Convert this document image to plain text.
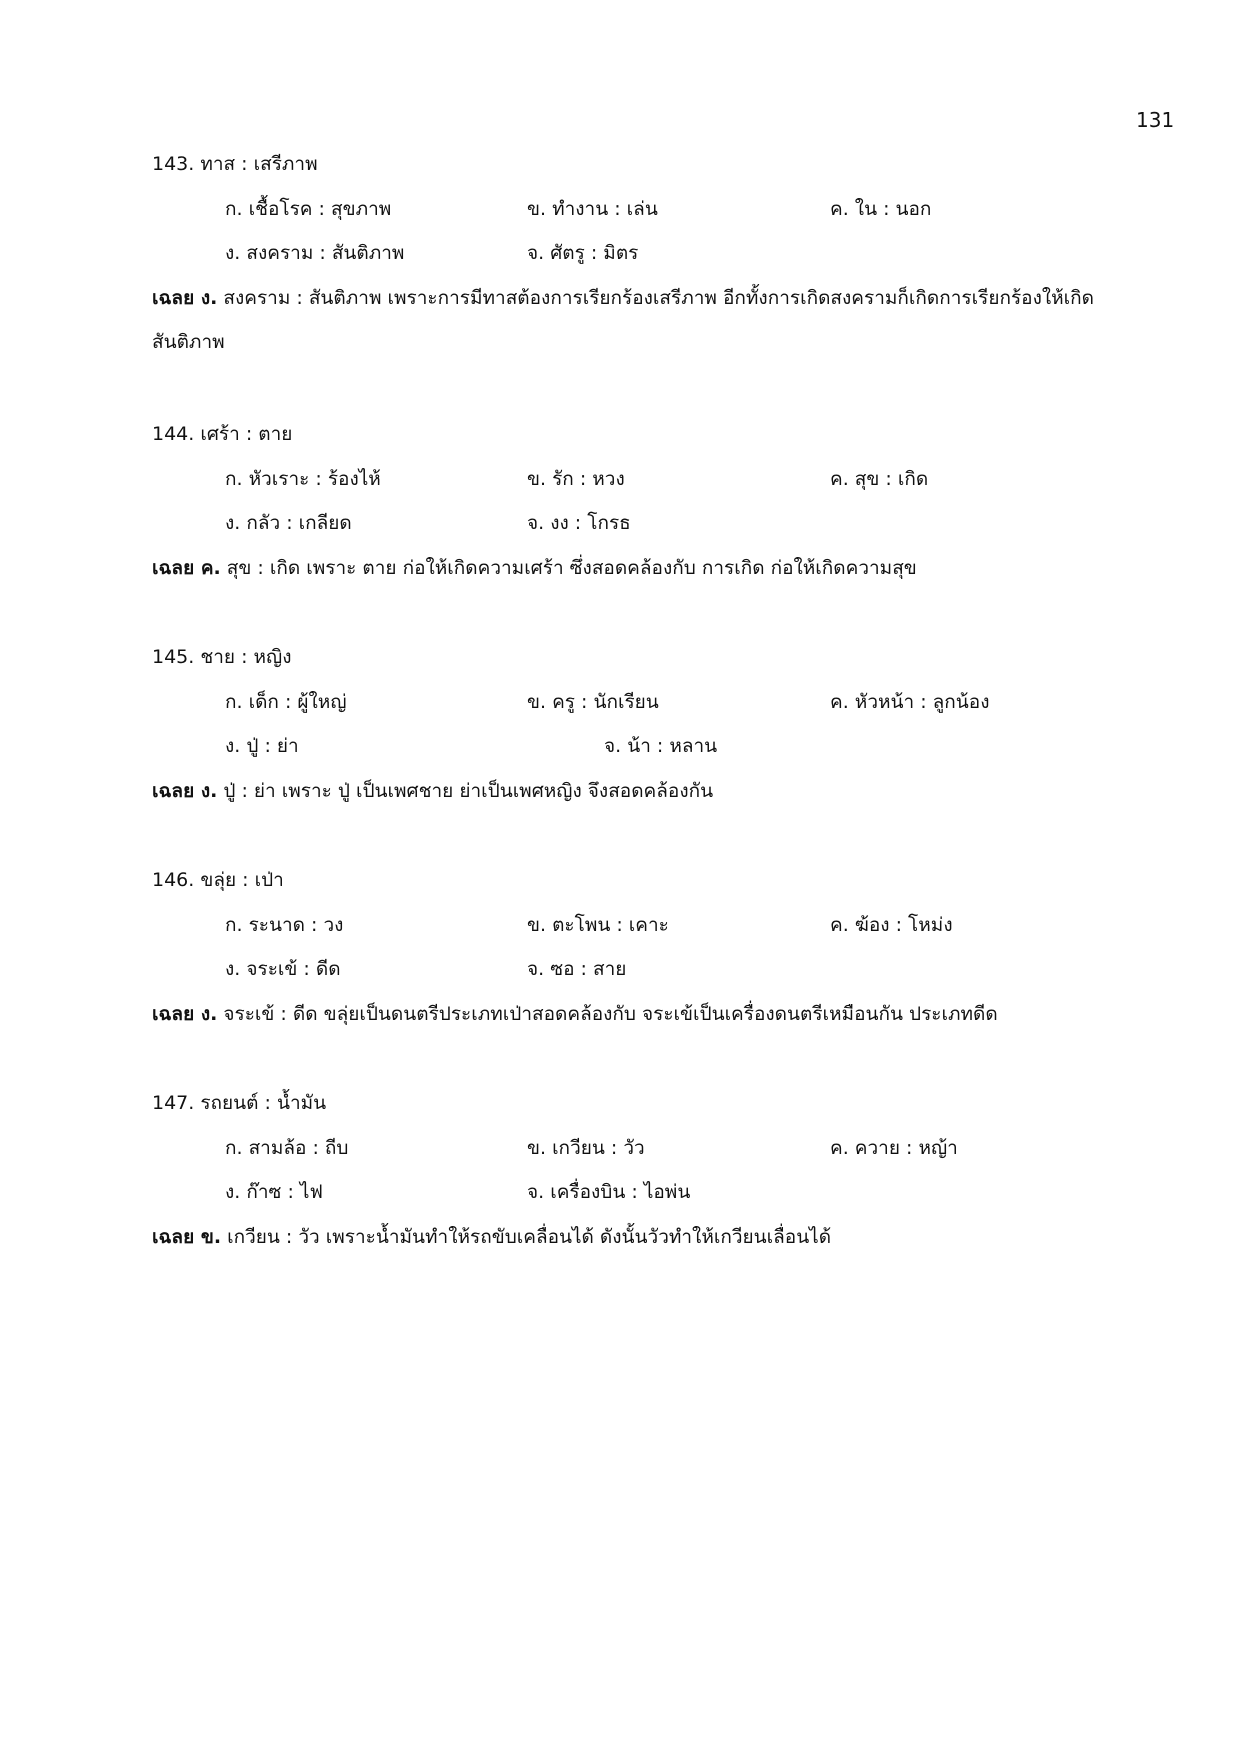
131
143. ทาส : เสรีภาพ
ก. เชื้อโรค : สุขภาพ	ข. ทำงาน : เล่น	ค. ใน : นอก
ง. สงคราม : สันติภาพ	จ. ศัตรู : มิตร
เฉลย ง. สงคราม : สันติภาพ เพราะการมีทาสต้องการเรียกร้องเสรีภาพ อีกทั้งการเกิดสงครามก็เกิดการเรียกร้องให้เกิด
สันติภาพ
144. เศร้า : ตาย
ก. หัวเราะ : ร้องไห้	ข. รัก : หวง	ค. สุข : เกิด
ง. กลัว : เกลียด	จ. งง : โกรธ
เฉลย ค. สุข : เกิด เพราะ ตาย ก่อให้เกิดความเศร้า ซึ่งสอดคล้องกับ การเกิด ก่อให้เกิดความสุข
145. ชาย : หญิง
ก. เด็ก : ผู้ใหญ่	ข. ครู : นักเรียน	ค. หัวหน้า : ลูกน้อง
ง. ปู่ : ย่า	จ. น้า : หลาน
เฉลย ง. ปู่ : ย่า เพราะ ปู่ เป็นเพศชาย ย่าเป็นเพศหญิง จึงสอดคล้องกัน
146. ขลุ่ย : เป่า
ก. ระนาด : วง	ข. ตะโพน : เคาะ	ค. ฆ้อง : โหม่ง
ง. จระเข้ : ดีด	จ. ซอ : สาย
เฉลย ง. จระเข้ : ดีด ขลุ่ยเป็นดนตรีประเภทเป่าสอดคล้องกับ จระเข้เป็นเครื่องดนตรีเหมือนกัน ประเภทดีด
147. รถยนต์ : น้ำมัน
ก. สามล้อ : ถีบ	ข. เกวียน : วัว	ค. ควาย : หญ้า
ง. ก๊าซ : ไฟ	จ. เครื่องบิน : ไอพ่น
เฉลย ข. เกวียน : วัว เพราะน้ำมันทำให้รถขับเคลื่อนได้ ดังนั้นวัวทำให้เกวียนเลื่อนได้
